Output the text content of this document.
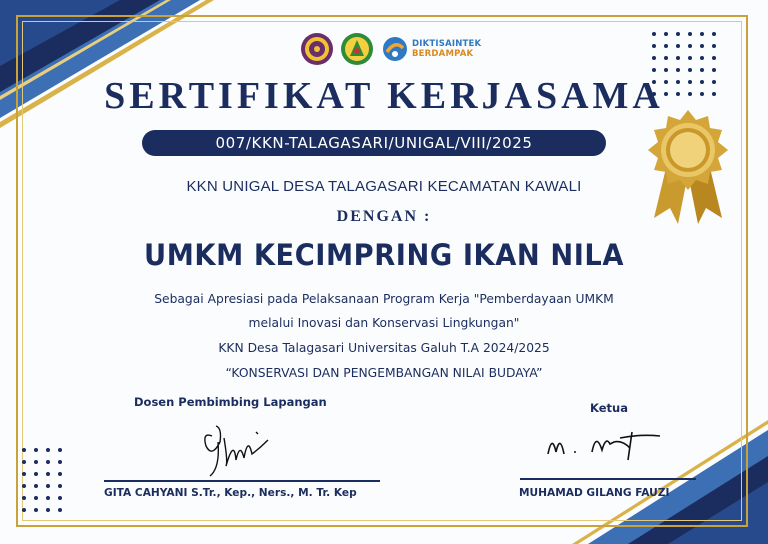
DIKTISAINTEK
BERDAMPAK
SERTIFIKAT KERJASAMA
007/KKN-TALAGASARI/UNIGAL/VIII/2025
KKN UNIGAL DESA TALAGASARI KECAMATAN KAWALI
DENGAN :
UMKM KECIMPRING IKAN NILA
Sebagai Apresiasi pada Pelaksanaan Program Kerja "Pemberdayaan UMKM
melalui Inovasi dan Konservasi Lingkungan"
KKN Desa Talagasari Universitas Galuh T.A 2024/2025
“KONSERVASI DAN PENGEMBANGAN NILAI BUDAYA”
Dosen Pembimbing Lapangan
GITA CAHYANI S.Tr., Kep., Ners., M. Tr. Kep
Ketua
MUHAMAD GILANG FAUZI
